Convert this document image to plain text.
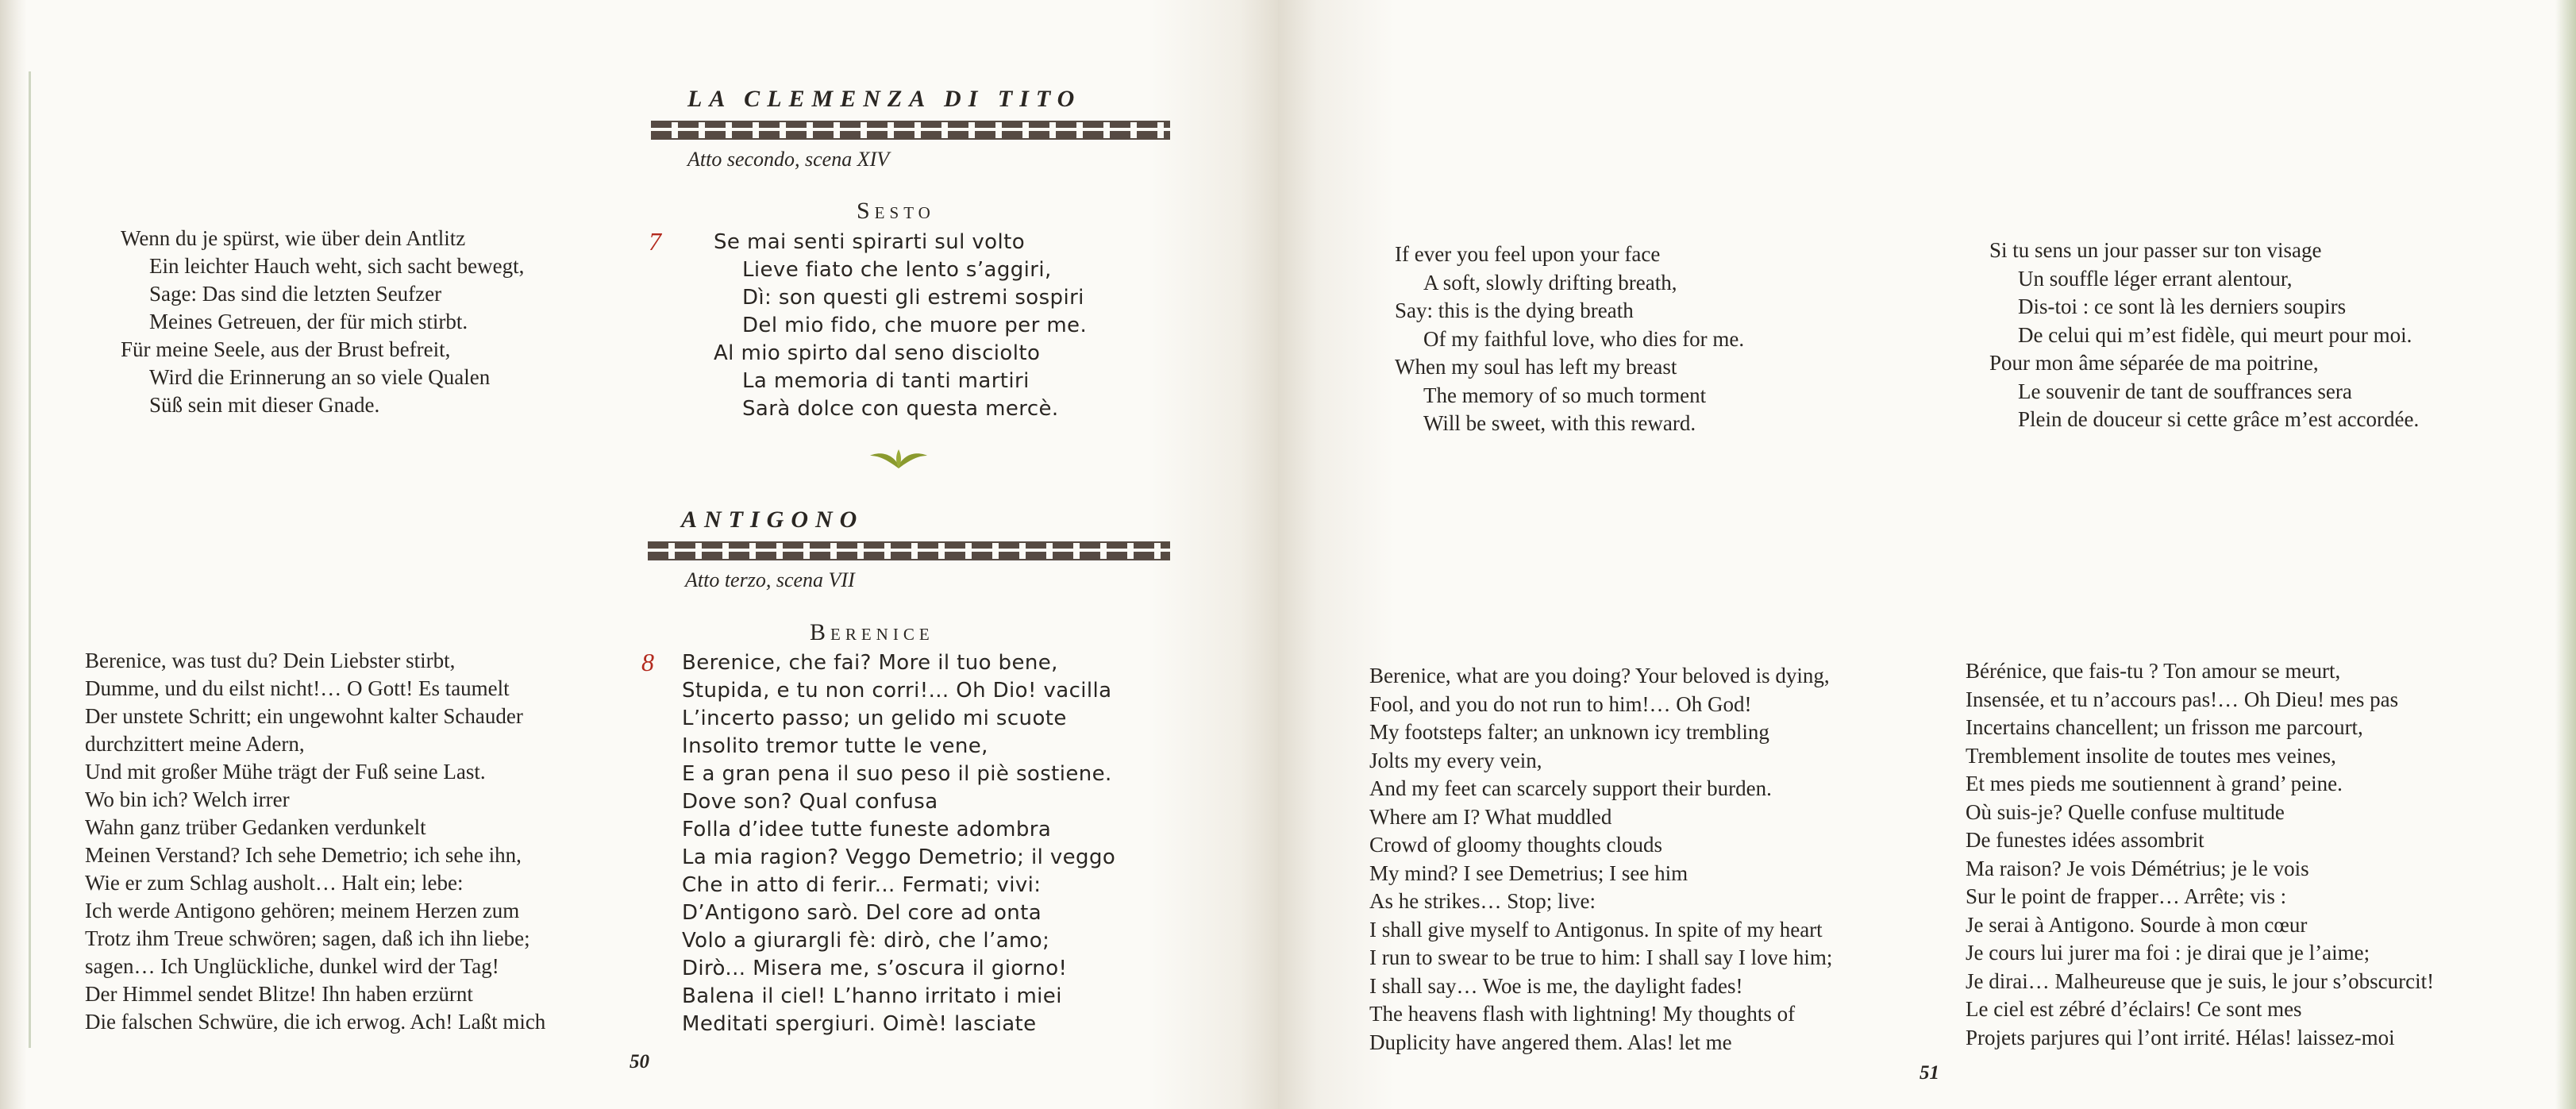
LA CLEMENZA DI TITO
Atto secondo, scena XIV
Sesto
7
Wenn du je spürst, wie über dein Antlitz
Ein leichter Hauch weht, sich sacht bewegt,
Sage: Das sind die letzten Seufzer
Meines Getreuen, der für mich stirbt.
Für meine Seele, aus der Brust befreit,
Wird die Erinnerung an so viele Qualen
Süß sein mit dieser Gnade.
Se mai senti spirarti sul volto
Lieve fiato che lento s’aggiri,
Dì: son questi gli estremi sospiri
Del mio fido, che muore per me.
Al mio spirto dal seno disciolto
La memoria di tanti martiri
Sarà dolce con questa mercè.
ANTIGONO
Atto terzo, scena VII
Berenice
8
Berenice, was tust du? Dein Liebster stirbt,
Dumme, und du eilst nicht!… O Gott! Es taumelt
Der unstete Schritt; ein ungewohnt kalter Schauder
durchzittert meine Adern,
Und mit großer Mühe trägt der Fuß seine Last.
Wo bin ich? Welch irrer
Wahn ganz trüber Gedanken verdunkelt
Meinen Verstand? Ich sehe Demetrio; ich sehe ihn,
Wie er zum Schlag ausholt… Halt ein; lebe:
Ich werde Antigono gehören; meinem Herzen zum
Trotz ihm Treue schwören; sagen, daß ich ihn liebe;
sagen… Ich Unglückliche, dunkel wird der Tag!
Der Himmel sendet Blitze! Ihn haben erzürnt
Die falschen Schwüre, die ich erwog. Ach! Laßt mich
Berenice, che fai? More il tuo bene,
Stupida, e tu non corri!... Oh Dio! vacilla
L’incerto passo; un gelido mi scuote
Insolito tremor tutte le vene,
E a gran pena il suo peso il piè sostiene.
Dove son? Qual confusa
Folla d’idee tutte funeste adombra
La mia ragion? Veggo Demetrio; il veggo
Che in atto di ferir... Fermati; vivi:
D’Antigono sarò. Del core ad onta
Volo a giurargli fè: dirò, che l’amo;
Dirò... Misera me, s’oscura il giorno!
Balena il ciel! L’hanno irritato i miei
Meditati spergiuri. Oimè! lasciate
50
If ever you feel upon your face
A soft, slowly drifting breath,
Say: this is the dying breath
Of my faithful love, who dies for me.
When my soul has left my breast
The memory of so much torment
Will be sweet, with this reward.
Si tu sens un jour passer sur ton visage
Un souffle léger errant alentour,
Dis-toi : ce sont là les derniers soupirs
De celui qui m’est fidèle, qui meurt pour moi.
Pour mon âme séparée de ma poitrine,
Le souvenir de tant de souffrances sera
Plein de douceur si cette grâce m’est accordée.
Berenice, what are you doing? Your beloved is dying,
Fool, and you do not run to him!… Oh God!
My footsteps falter; an unknown icy trembling
Jolts my every vein,
And my feet can scarcely support their burden.
Where am I? What muddled
Crowd of gloomy thoughts clouds
My mind? I see Demetrius; I see him
As he strikes… Stop; live:
I shall give myself to Antigonus. In spite of my heart
I run to swear to be true to him: I shall say I love him;
I shall say… Woe is me, the daylight fades!
The heavens flash with lightning! My thoughts of
Duplicity have angered them. Alas! let me
Bérénice, que fais-tu ? Ton amour se meurt,
Insensée, et tu n’accours pas!… Oh Dieu! mes pas
Incertains chancellent; un frisson me parcourt,
Tremblement insolite de toutes mes veines,
Et mes pieds me soutiennent à grand’ peine.
Où suis-je? Quelle confuse multitude
De funestes idées assombrit
Ma raison? Je vois Démétrius; je le vois
Sur le point de frapper… Arrête; vis :
Je serai à Antigono. Sourde à mon cœur
Je cours lui jurer ma foi : je dirai que je l’aime;
Je dirai… Malheureuse que je suis, le jour s’obscurcit!
Le ciel est zébré d’éclairs! Ce sont mes
Projets parjures qui l’ont irrité. Hélas! laissez-moi
51
